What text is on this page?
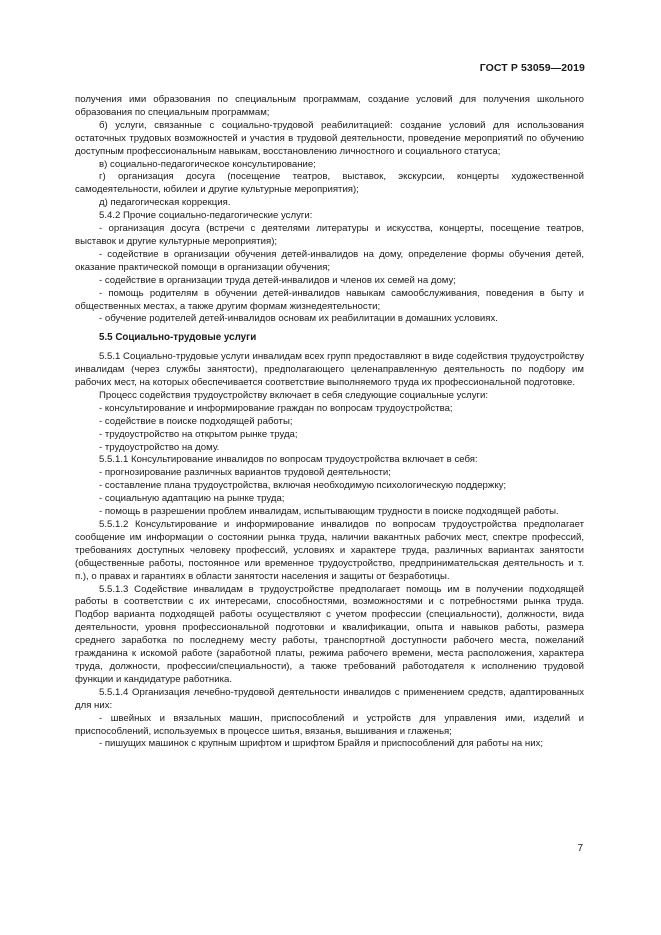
ГОСТ Р 53059—2019

получения ими образования по специальным программам, создание условий для получения школьного образования по специальным программам;

б) услуги, связанные с социально-трудовой реабилитацией: создание условий для использования остаточных трудовых возможностей и участия в трудовой деятельности, проведение мероприятий по обучению доступным профессиональным навыкам, восстановлению личностного и социального статуса;

в) социально-педагогическое консультирование;

г) организация досуга (посещение театров, выставок, экскурсии, концерты художественной самодеятельности, юбилеи и другие культурные мероприятия);

д) педагогическая коррекция.

5.4.2 Прочие социально-педагогические услуги:

- организация досуга (встречи с деятелями литературы и искусства, концерты, посещение театров, выставок и другие культурные мероприятия);

- содействие в организации обучения детей-инвалидов на дому, определение формы обучения детей, оказание практической помощи в организации обучения;

- содействие в организации труда детей-инвалидов и членов их семей на дому;

- помощь родителям в обучении детей-инвалидов навыкам самообслуживания, поведения в быту и общественных местах, а также другим формам жизнедеятельности;

- обучение родителей детей-инвалидов основам их реабилитации в домашних условиях.

5.5 Социально-трудовые услуги

5.5.1 Социально-трудовые услуги инвалидам всех групп предоставляют в виде содействия трудоустройству инвалидам (через службы занятости), предполагающего целенаправленную деятельность по подбору им рабочих мест, на которых обеспечивается соответствие выполняемого труда их профессиональной подготовке.

Процесс содействия трудоустройству включает в себя следующие социальные услуги:

- консультирование и информирование граждан по вопросам трудоустройства;

- содействие в поиске подходящей работы;

- трудоустройство на открытом рынке труда;

- трудоустройство на дому.

5.5.1.1 Консультирование инвалидов по вопросам трудоустройства включает в себя:

- прогнозирование различных вариантов трудовой деятельности;

- составление плана трудоустройства, включая необходимую психологическую поддержку;

- социальную адаптацию на рынке труда;

- помощь в разрешении проблем инвалидам, испытывающим трудности в поиске подходящей работы.

5.5.1.2 Консультирование и информирование инвалидов по вопросам трудоустройства предполагает сообщение им информации о состоянии рынка труда, наличии вакантных рабочих мест, спектре профессий, требованиях доступных человеку профессий, условиях и характере труда, различных вариантах занятости (общественные работы, постоянное или временное трудоустройство, предпринимательская деятельность и т. п.), о правах и гарантиях в области занятости населения и защиты от безработицы.

5.5.1.3 Содействие инвалидам в трудоустройстве предполагает помощь им в получении подходящей работы в соответствии с их интересами, способностями, возможностями и с потребностями рынка труда. Подбор варианта подходящей работы осуществляют с учетом профессии (специальности), должности, вида деятельности, уровня профессиональной подготовки и квалификации, опыта и навыков работы, размера среднего заработка по последнему месту работы, транспортной доступности рабочего места, пожеланий гражданина к искомой работе (заработной платы, режима рабочего времени, места расположения, характера труда, должности, профессии/специальности), а также требований работодателя к исполнению трудовой функции и кандидатуре работника.

5.5.1.4 Организация лечебно-трудовой деятельности инвалидов с применением средств, адаптированных для них:

- швейных и вязальных машин, приспособлений и устройств для управления ими, изделий и приспособлений, используемых в процессе шитья, вязанья, вышивания и глаженья;

- пишущих машинок с крупным шрифтом и шрифтом Брайля и приспособлений для работы на них;

7
